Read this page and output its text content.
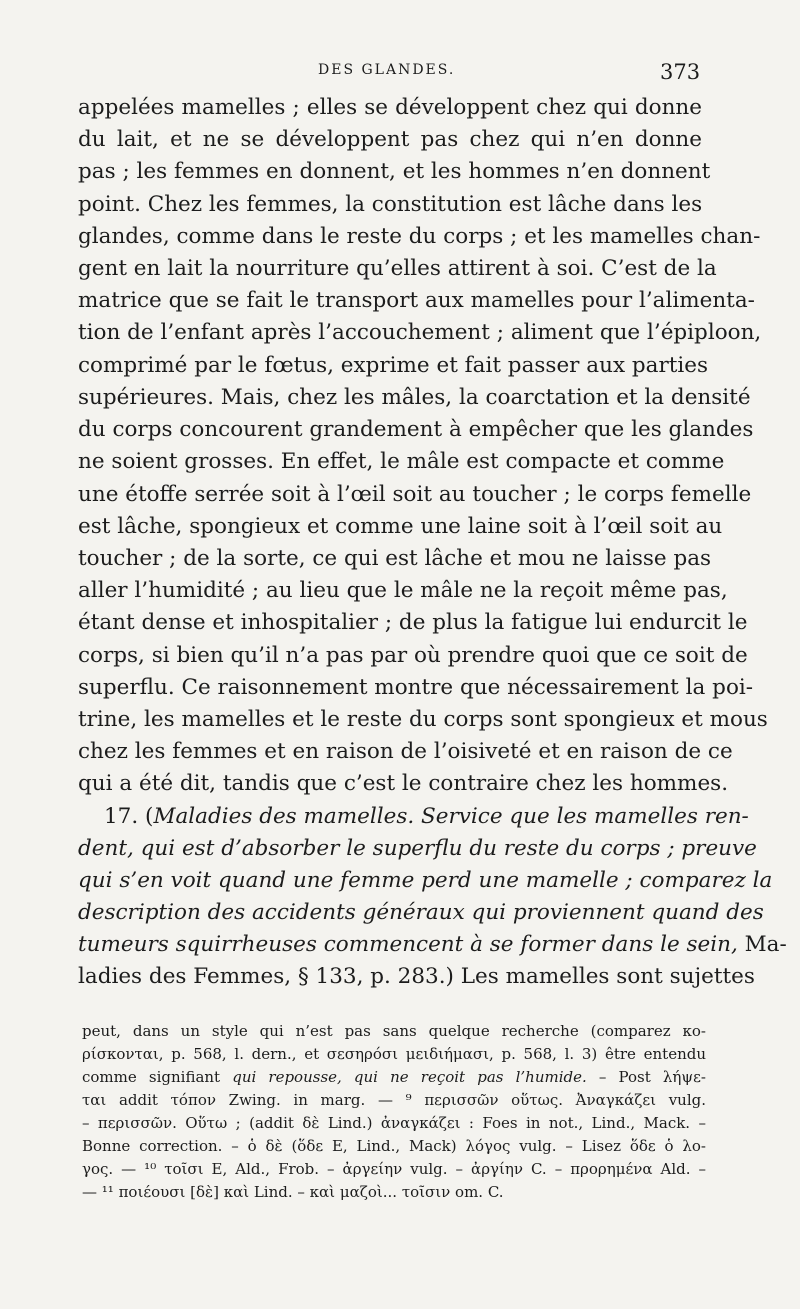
DES GLANDES.	373
appelées mamelles ; elles se développent chez qui donne
du lait, et ne se développent pas chez qui n’en donne
pas ; les femmes en donnent, et les hommes n’en donnent
point. Chez les femmes, la constitution est lâche dans les
glandes, comme dans le reste du corps ; et les mamelles chan-
gent en lait la nourriture qu’elles attirent à soi. C’est de la
matrice que se fait le transport aux mamelles pour l’alimenta-
tion de l’enfant après l’accouchement ; aliment que l’épiploon,
comprimé par le fœtus, exprime et fait passer aux parties
supérieures. Mais, chez les mâles, la coarctation et la densité
du corps concourent grandement à empêcher que les glandes
ne soient grosses. En effet, le mâle est compacte et comme
une étoffe serrée soit à l’œil soit au toucher ; le corps femelle
est lâche, spongieux et comme une laine soit à l’œil soit au
toucher ; de la sorte, ce qui est lâche et mou ne laisse pas
aller l’humidité ; au lieu que le mâle ne la reçoit même pas,
étant dense et inhospitalier ; de plus la fatigue lui endurcit le
corps, si bien qu’il n’a pas par où prendre quoi que ce soit de
superflu. Ce raisonnement montre que nécessairement la poi-
trine, les mamelles et le reste du corps sont spongieux et mous
chez les femmes et en raison de l’oisiveté et en raison de ce
qui a été dit, tandis que c’est le contraire chez les hommes.
17. (Maladies des mamelles. Service que les mamelles ren-
dent, qui est d’absorber le superflu du reste du corps ; preuve
qui s’en voit quand une femme perd une mamelle ; comparez la
description des accidents généraux qui proviennent quand des
tumeurs squirrheuses commencent à se former dans le sein, Ma-
ladies des Femmes, § 133, p. 283.) Les mamelles sont sujettes
peut, dans un style qui n’est pas sans quelque recherche (comparez κο-
ρίσκονται, p. 568, l. dern., et σεσηρόσι μειδιήμασι, p. 568, l. 3) être entendu
comme signifiant qui repousse, qui ne reçoit pas l’humide. – Post λήψε-
ται addit τόπον Zwing. in marg. — ⁹ περισσῶν οὕτως. Ἀναγκάζει vulg.
– περισσῶν. Οὕτω ; (addit δὲ Lind.) ἀναγκάζει : Foes in not., Lind., Mack. –
Bonne correction. – ὁ δὲ (ὅδε E, Lind., Mack) λόγος vulg. – Lisez ὅδε ὁ λο-
γος. — ¹⁰ τοῖσι E, Ald., Frob. – ἀργείην vulg. – ἀργίην C. – προρημένα Ald. –
— ¹¹ ποιέουσι [δὲ] καὶ Lind. – καὶ μαζοὶ... τοῖσιν om. C.
